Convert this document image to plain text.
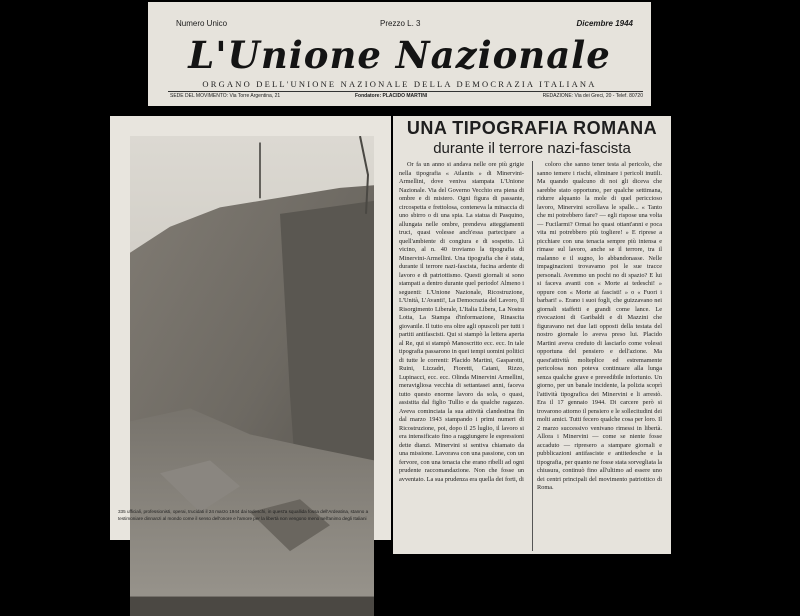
Numero Unico	Prezzo L. 3	Dicembre 1944
L'Unione Nazionale
ORGANO DELL'UNIONE NAZIONALE DELLA DEMOCRAZIA ITALIANA
SEDE DEL MOVIMENTO: Via Torre Argentina, 21	Fondatore: PLACIDO MARTINI	REDAZIONE: Via dei Greci, 20 - Telef. 80720
335 ufficiali, professionisti, operai, trucidati il 24 marzo 1944 dai tedeschi, in quest'a squallida fossa dell'Ardeatina, stanno a testimoniare dinnanzi al mondo come il senso dell'onore e l'amore per la libertà non vengono meno nell'animo degli Italiani
UNA TIPOGRAFIA ROMANA
durante il terrore nazi-fascista

Or fa un anno si andava nelle ore più grigie nella tipografia « Atlantis » di Minervini-Armellini, dove veniva stampata L'Unione Nazionale. Via del Governo Vecchio era piena di ombre e di mistero. Ogni figura di passante, circospetta e frettolosa, conteneva la minaccia di uno sbirro o di una spia. La statua di Pasquino, allungata nelle ombre, prendeva atteggiamenti truci, quasi volesse anch'essa partecipare a quell'ambiente di congiura e di sospetto. Lì vicino, al n. 40 troviamo la tipografia di Minervini-Armellini. Una tipografia che è stata, durante il terrore nazi-fascista, fucina ardente di lavoro e di patriottismo. Questi giornali si sono stampati a dentro durante quel periodo! Almeno i seguenti: L'Unione Nazionale, Ricostruzione, L'Unità, L'Avanti!, La Democrazia del Lavoro, Il Risorgimento Liberale, L'Italia Libera, La Nostra Lotta, La Stampa d'informazione, Rinascita giovanile. Il tutto era oltre agli opuscoli per tutti i partiti antifascisti. Qui si stampò la lettera aperta al Re, qui si stampò Manoscritto ecc. ecc. In tale tipografia passarono in quei tempi uomini politici di tutte le correnti: Placido Martini, Gasparotti, Ruini, Lizzadri, Fioretti, Catani, Rizzo, Lupinacci, ecc. ecc. Olinda Minervini Armellini, meravigliosa vecchia di settantasei anni, faceva tutto questo enorme lavoro da sola, o quasi, assistita dal figlio Tullio e da qualche ragazzo. Aveva cominciata la sua attività clandestina fin dal marzo 1943 stampando i primi numeri di Ricostruzione, poi, dopo il 25 luglio, il lavoro si era intensificato fino a raggiungere le espressioni dette dianzi. Minervini si sentiva chiamato da una missione. Lavorava con una passione, con un fervore, con una tenacia che erano ribelli ad ogni prudente raccomandazione. Non che fosse un avventato. La sua prudenza era quella dei forti, di

coloro che sanno tener testa al pericolo, che sanno temere i rischi, eliminare i pericoli inutili. Ma quando qualcuno di noi gli diceva che sarebbe stato opportuno, per qualche settimana, ridurre alquanto la mole di quel periccioso lavoro, Minervini scrollava le spalle... « Tanto che mi potrebbero fare? — egli rispose una volta — Fucilarmi? Ormai ho quasi ottant'anni e poca vita mi potrebbero più togliere! » E riprese a picchiare con una tenacia sempre più intensa e rimase sul lavoro, anche se il terrore, tra il malanno e il sugno, lo abbandonasse. Nelle impaginazioni trovavamo poi le sue tracce personali. Avemmo un pochi no di spazio? E lui si faceva avanti con « Morte ai tedeschi! » oppure con « Morte ai fascisti! » o « Fuori i barbari! ». Erano i suoi fogli, che guizzavano nei giornali staffetti e grandi come lance. Le rivocazioni di Garibaldi e di Mazzini che figuravano nei due lati opposti della testata del nostro giornale lo aveva preso lui. Placido Martini aveva creduto di lasciarlo come volessi opportuna del pensiero e dell'azione. Ma quest'attività molteplice ed estremamente pericolosa non poteva continuare alla lunga senza qualche grave e prevedibile infortunio. Un giorno, per un banale incidente, la polizia scoprì l'attività tipografica dei Minervini e li arrestò. Era il 17 gennaio 1944. Di carcere però si trovarono attorno il pensiero e le sollecitudini dei molti amici. Tutti fecero qualche cosa per loro. Il 2 marzo successivo venivano rimessi in libertà. Allora i Minervini — come se niente fosse accaduto — ripresero a stampare giornali e pubblicazioni antifasciste e antitedesche e la tipografia, per quanto ne fosse stata sorvegliata la chiusura, continuò fino all'ultimo ad essere uno dei centri principali del movimento patriottico di Roma.
